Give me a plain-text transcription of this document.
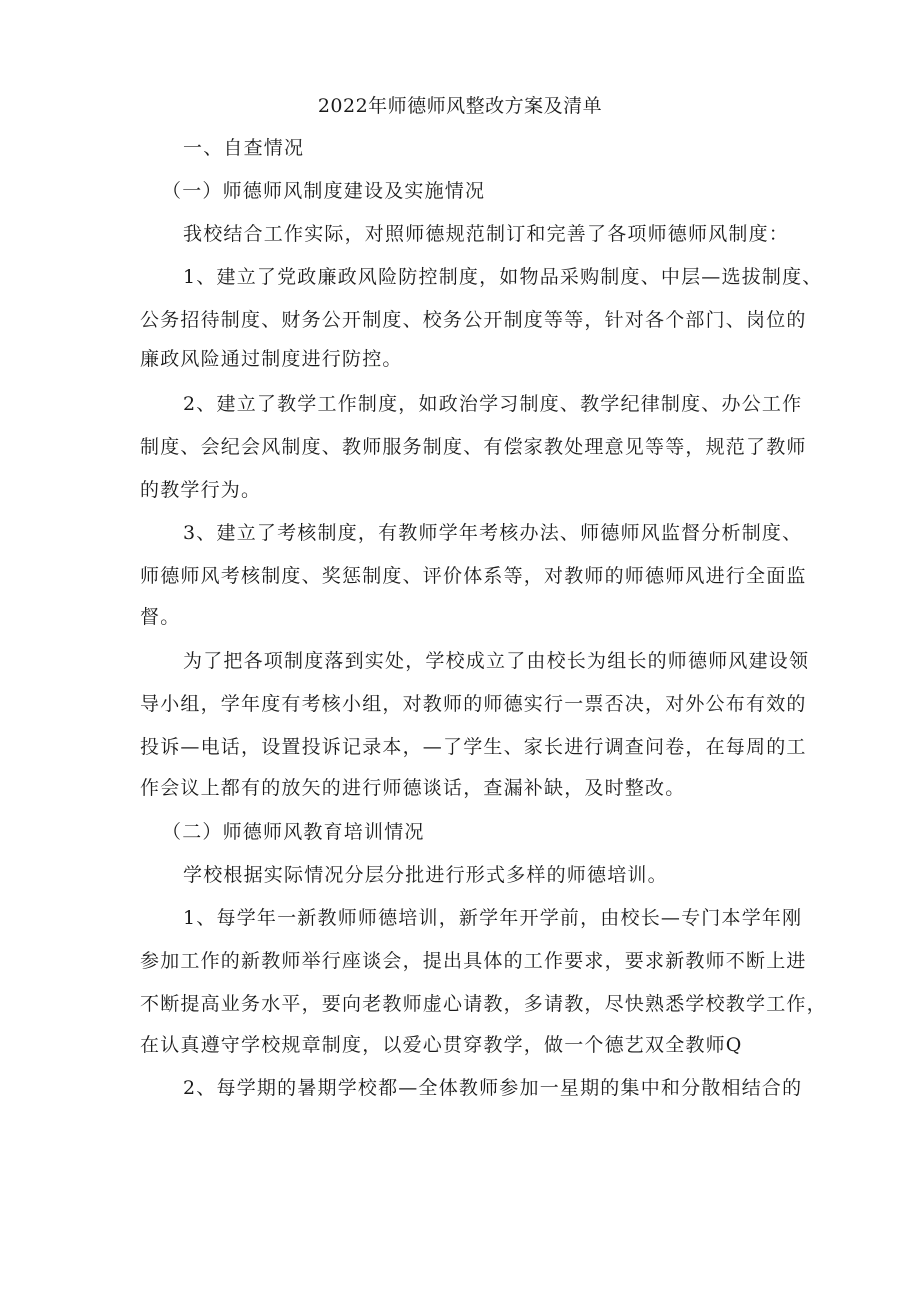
2022年师德师风整改方案及清单
一、自查情况
（一）师德师风制度建设及实施情况
我校结合工作实际，对照师德规范制订和完善了各项师德师风制度：
1、建立了党政廉政风险防控制度，如物品采购制度、中层—选拔制度、
公务招待制度、财务公开制度、校务公开制度等等，针对各个部门、岗位的
廉政风险通过制度进行防控。
2、建立了教学工作制度，如政治学习制度、教学纪律制度、办公工作
制度、会纪会风制度、教师服务制度、有偿家教处理意见等等，规范了教师
的教学行为。
3、建立了考核制度，有教师学年考核办法、师德师风监督分析制度、
师德师风考核制度、奖惩制度、评价体系等，对教师的师德师风进行全面监
督。
为了把各项制度落到实处，学校成立了由校长为组长的师德师风建设领
导小组，学年度有考核小组，对教师的师德实行一票否决，对外公布有效的
投诉—电话，设置投诉记录本，—了学生、家长进行调查问卷，在每周的工
作会议上都有的放矢的进行师德谈话，查漏补缺，及时整改。
（二）师德师风教育培训情况
学校根据实际情况分层分批进行形式多样的师德培训。
1、每学年一新教师师德培训，新学年开学前，由校长—专门本学年刚
参加工作的新教师举行座谈会，提出具体的工作要求，要求新教师不断上进
不断提高业务水平，要向老教师虚心请教，多请教，尽快熟悉学校教学工作，
在认真遵守学校规章制度，以爱心贯穿教学，做一个德艺双全教师Q
2、每学期的暑期学校都—全体教师参加一星期的集中和分散相结合的
